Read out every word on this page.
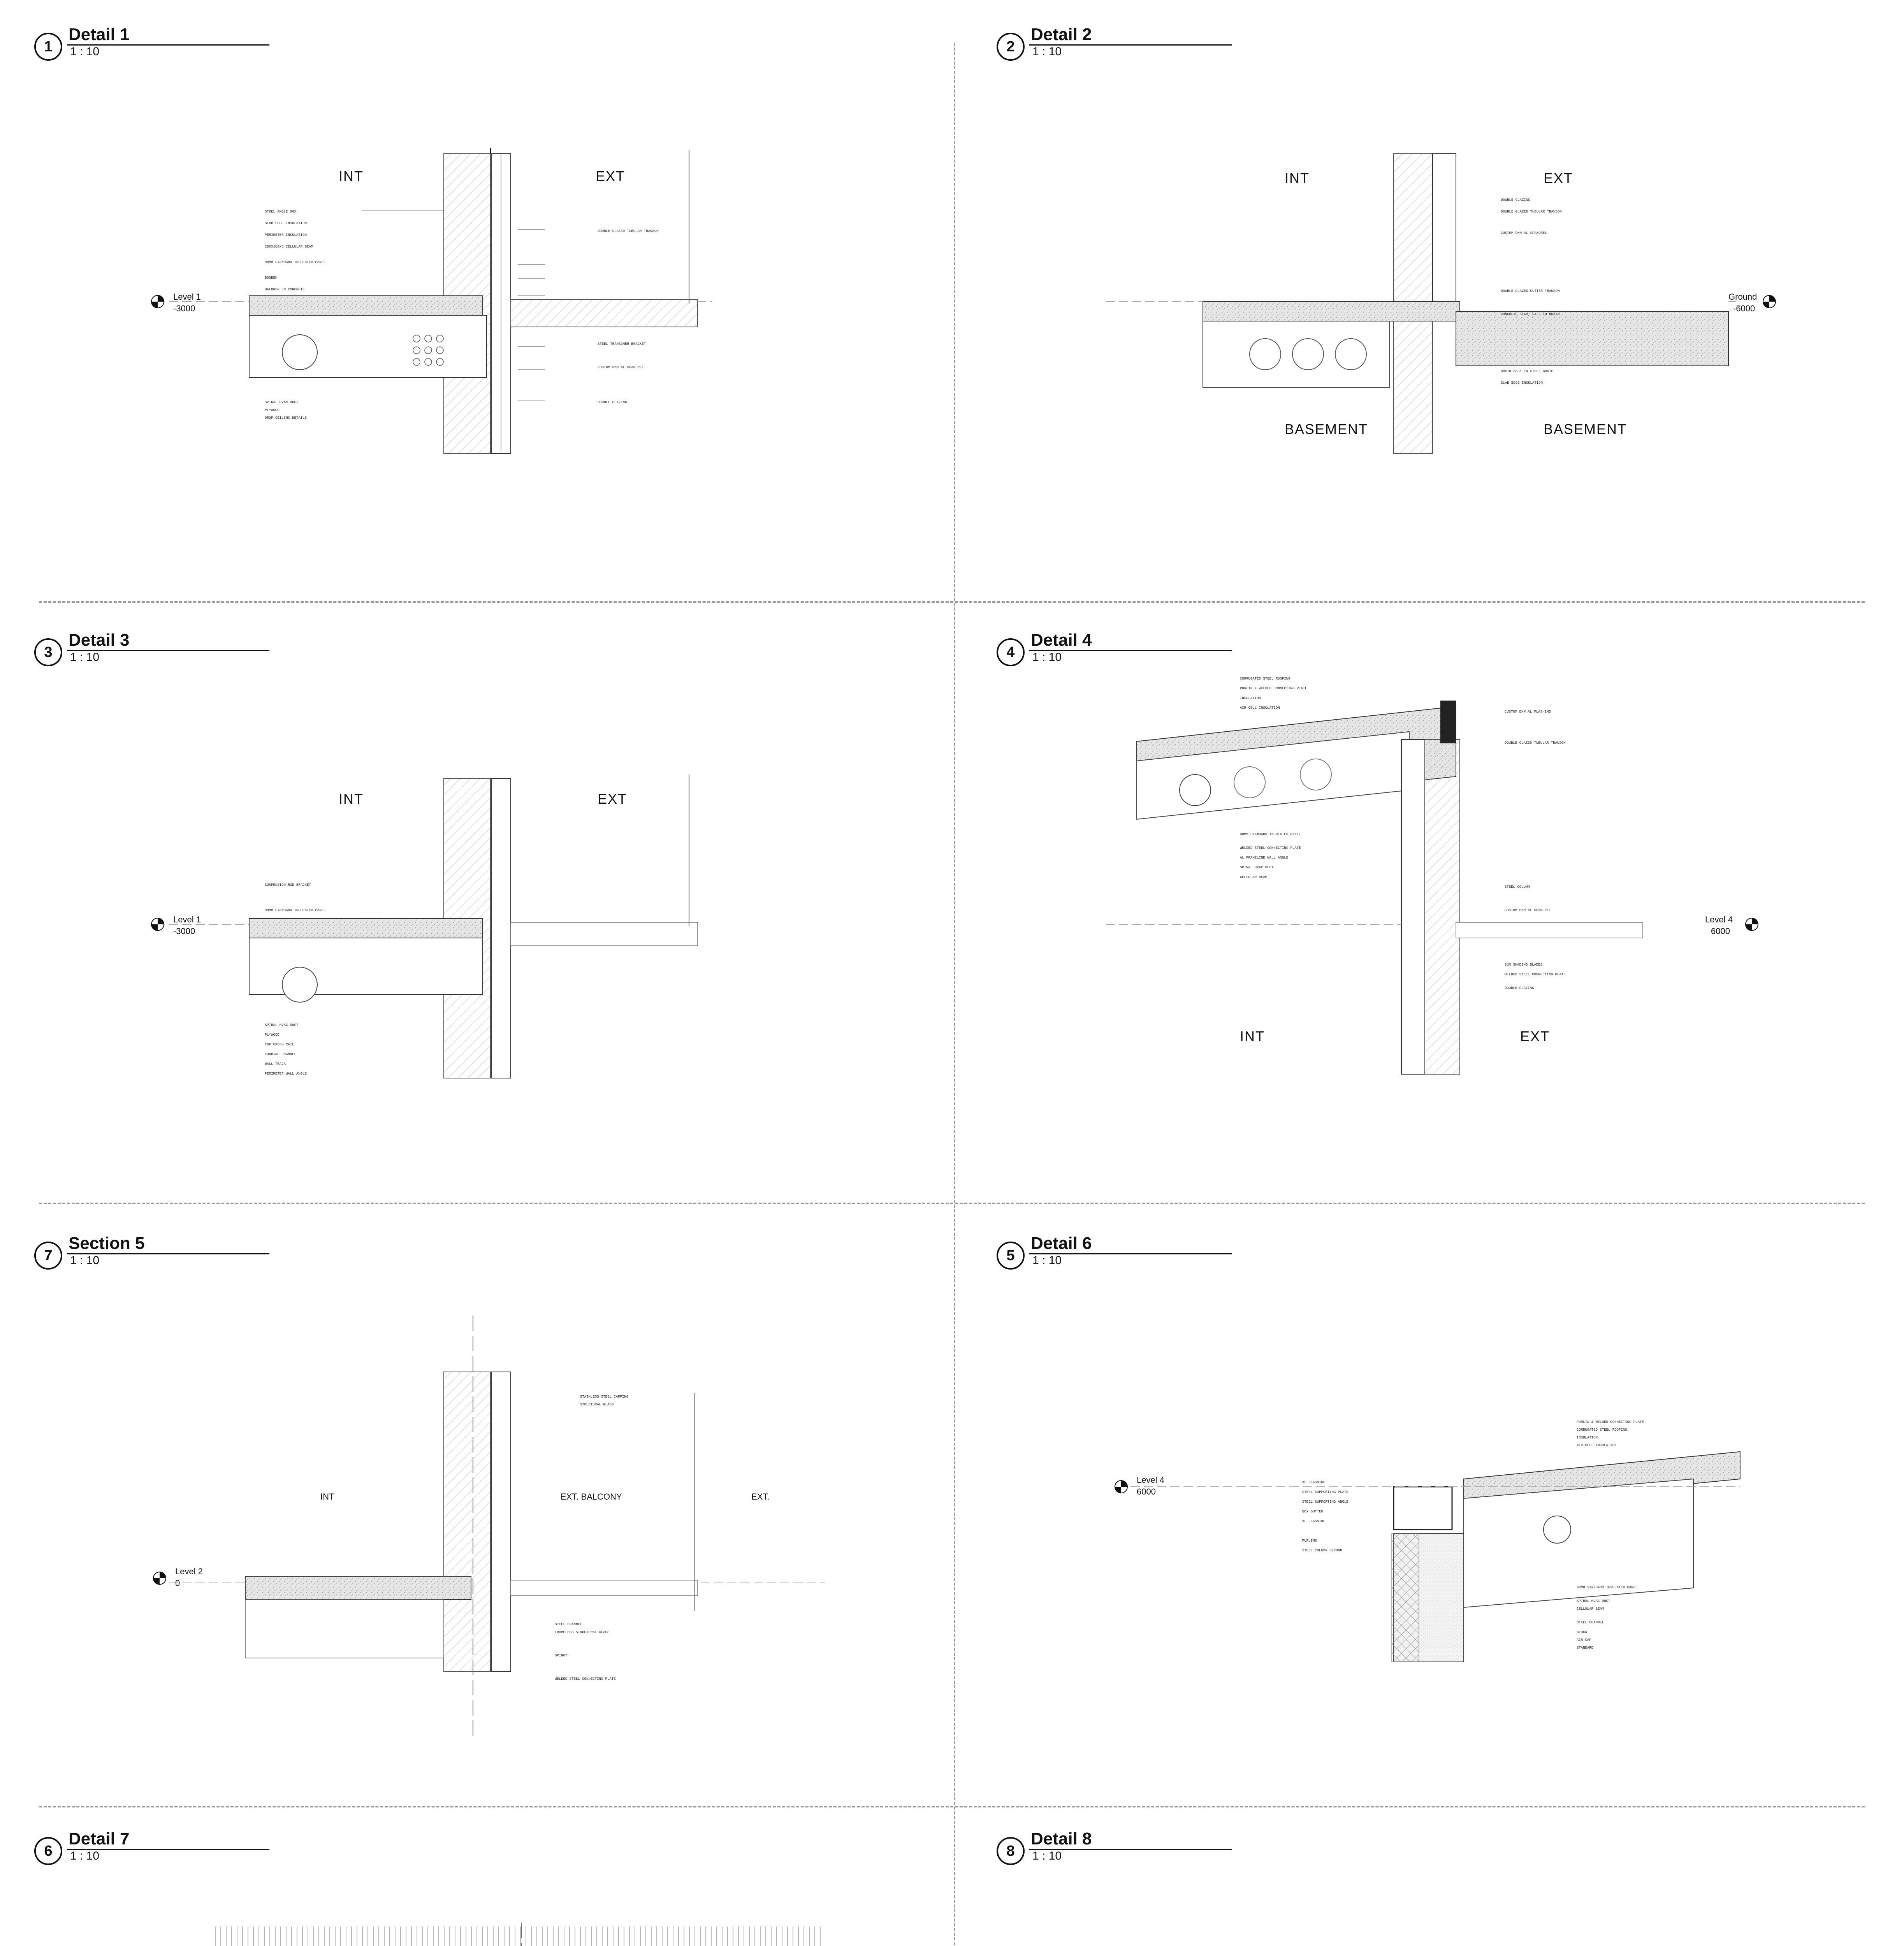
1
Detail 1
1 : 10	2
Detail 2
1 : 10
3
Detail 3
1 : 10	4
Detail 4
1 : 10
7
Section 5
1 : 10	5
Detail 6
1 : 10
6
Detail 7
1 : 10	8
Detail 8
1 : 10
INT	EXT
Level 1
-3000
STEEL ANGLE 90X
SLAB EDGE INSULATION
PERIMETER INSULATION
200X100X5 CELLULAR BEAM
90MM STANDARD INSULATED PANEL
BONDEK
HALOGEN EN CONCRETE
SPIRAL HVAC DUCT
PLYWOOD
DROP CEILING DETAILS
DOUBLE GLAZED TUBULAR TRANSOM
STEEL TRANSOMER BRACKET
CUSTOM DMM AL SPANDREL
DOUBLE GLAZING
INT	EXT
BASEMENT	BASEMENT
Ground
-6000
DOUBLE GLAZING
DOUBLE GLAZED TUBULAR TRANSOM
CUSTOM DMM AL SPANDREL
DOUBLE GLAZED GUTTER TRANSOM
CONCRETE SLAB, FALL TO DRAIN
DRAIN BACK IN STEEL GRATE
SLAB EDGE INSULATION
INT	EXT
Level 1
-3000
SUSPENSION ROD BRACKET
90MM STANDARD INSULATED PANEL
SPIRAL HVAC DUCT
PLYWOOD
TOP CROSS RAIL
FURRING CHANNEL
WALL TRACK
PERIMETER WALL ANGLE
INT	EXT
Level 4
6000
CORRUGATED STEEL ROOFING
PURLIN & WELDED CONNECTING PLATE
INSULATION
AIR CELL INSULATION
CUSTOM DMM AL FLASHING
DOUBLE GLAZED TUBULAR TRANSOM
90MM STANDARD INSULATED PANEL
WELDED STEEL CONNECTING PLATE
AL FRAMELINE WALL ANGLE
SPIRAL HVAC DUCT
CELLULAR BEAM
STEEL COLUMN
CUSTOM DMM AL SPANDREL
SUN SHADING BLADES
WELDED STEEL CONNECTING PLATE
DOUBLE GLAZING
INT	EXT. BALCONY	EXT.
Level 2
0
STAINLESS STEEL CAPPING
STRUCTURAL GLASS
STEEL CHANNEL
FRAMELESS STRUCTURAL GLASS
SPIGOT
WELDED STEEL CONNECTING PLATE
Level 4
6000
PURLIN & WELDED CONNECTING PLATE
CORRUGATED STEEL ROOFING
INSULATION
AIR CELL INSULATION
AL FLASHING
STEEL SUPPORTING PLATE
STEEL SUPPORTING ANGLE
BOX GUTTER
AL FLASHING
PURLINS
STEEL COLUMN BEYOND
90MM STANDARD INSULATED PANEL
SPIRAL HVAC DUCT
CELLULAR BEAM
STEEL CHANNEL
BLOCK
AIR GAP
STANDARD
